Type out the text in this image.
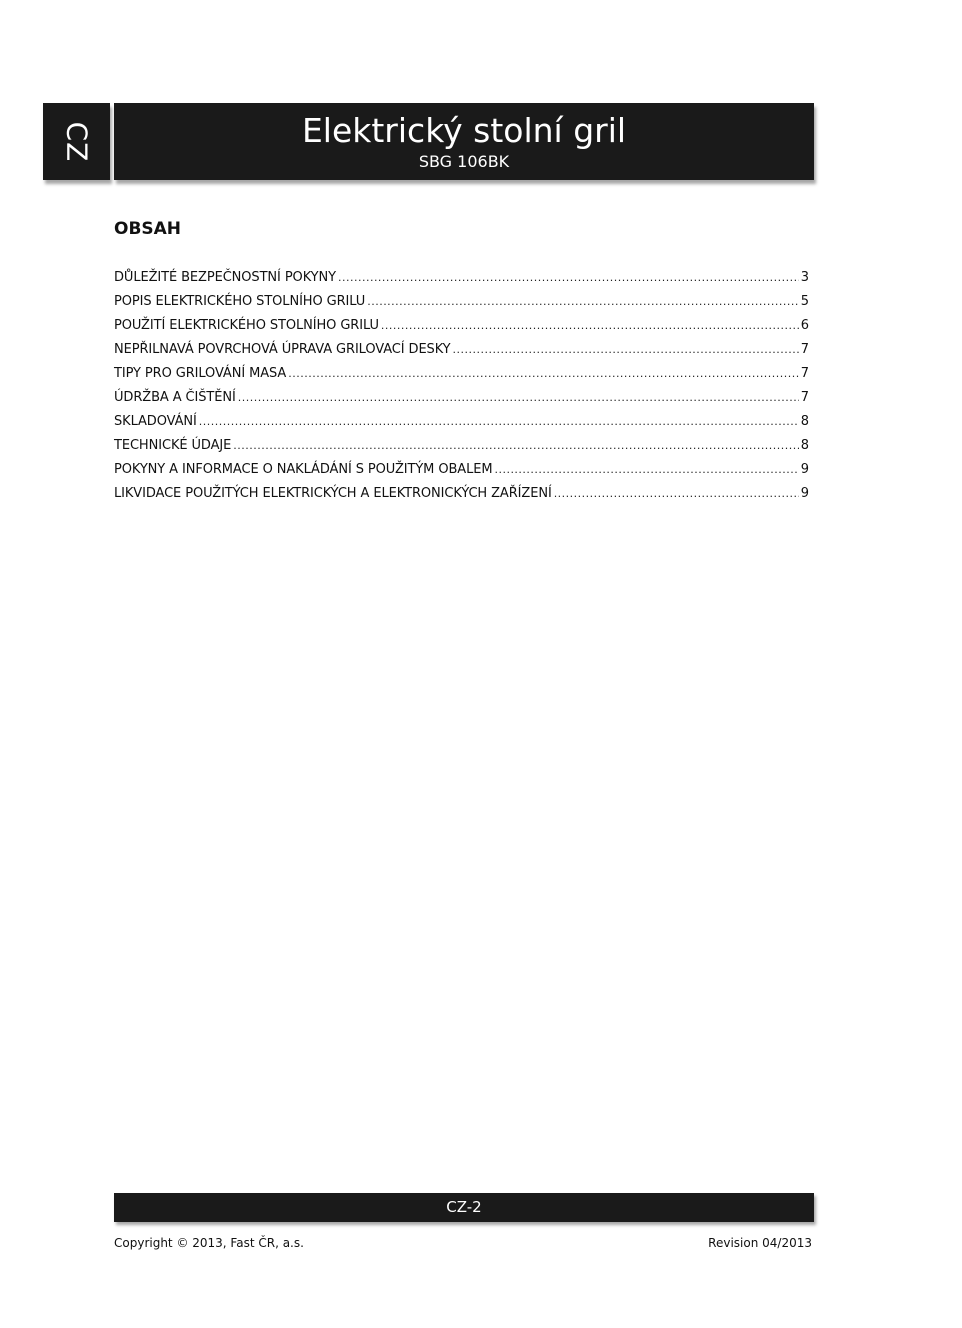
CZ	Elektrický stolní gril
SBG 106BK
OBSAH
DŮLEŽITÉ BEZPEČNOSTNÍ POKYNY .....	3
POPIS ELEKTRICKÉHO STOLNÍHO GRILU .....	5
POUŽITÍ ELEKTRICKÉHO STOLNÍHO GRILU .....	6
NEPŘILNAVÁ POVRCHOVÁ ÚPRAVA GRILOVACÍ DESKY .....	7
TIPY PRO GRILOVÁNÍ MASA .....	7
ÚDRŽBA A ČIŠTĚNÍ .....	7
SKLADOVÁNÍ .....	8
TECHNICKÉ ÚDAJE .....	8
POKYNY A INFORMACE O NAKLÁDÁNÍ S POUŽITÝM OBALEM .....	9
LIKVIDACE POUŽITÝCH ELEKTRICKÝCH A ELEKTRONICKÝCH ZAŘÍZENÍ .....	9
CZ-2
Copyright © 2013, Fast ČR, a.s.	Revision 04/2013
